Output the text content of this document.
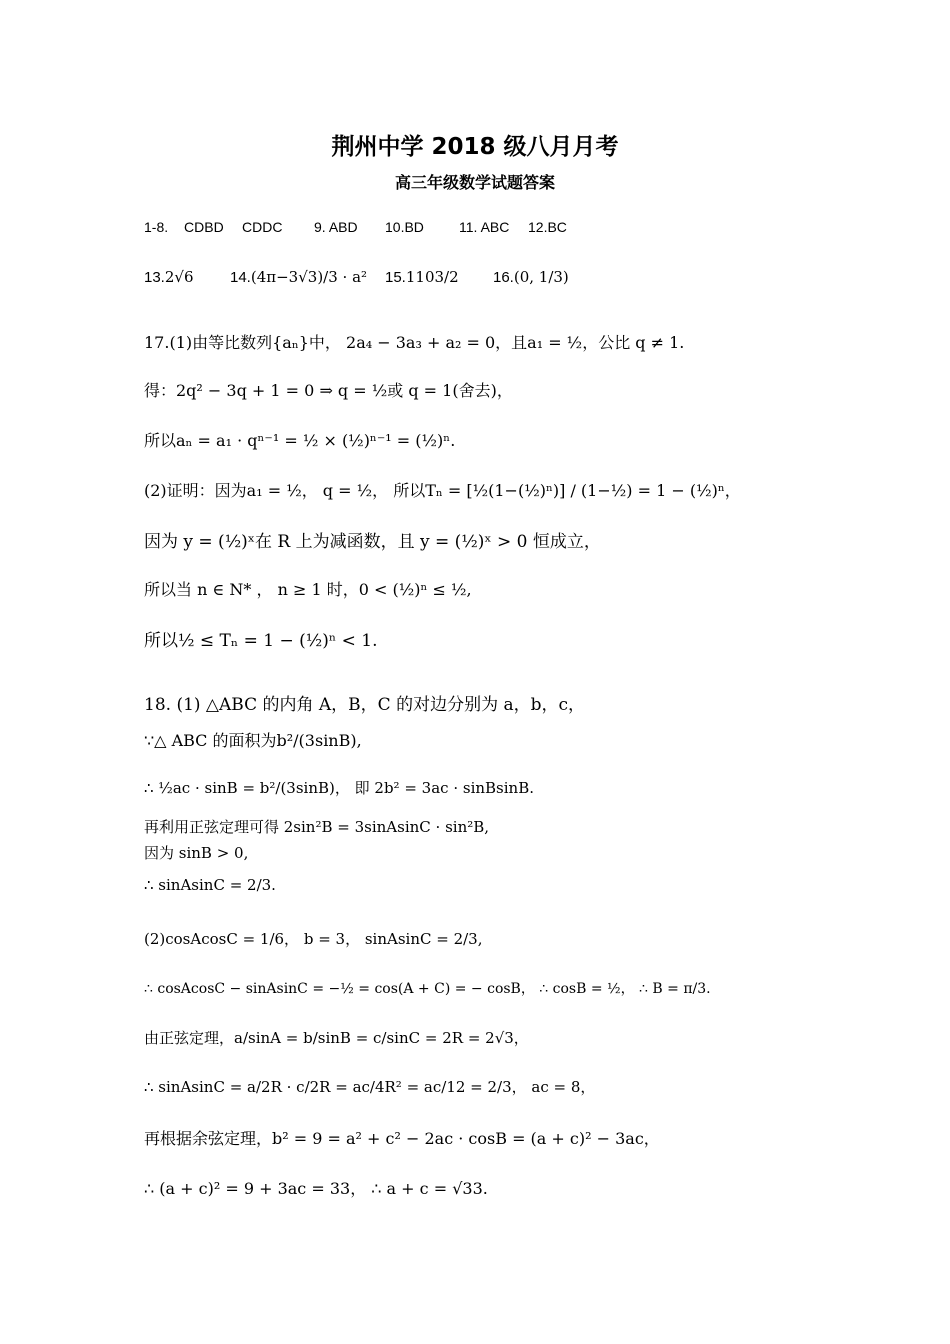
荆州中学 2018 级八月月考
高三年级数学试题答案
1-8. CDBD CDDC 9. ABD 10.BD	11. ABC 12.BC
13.2√6 14.(4π−3√3)/3 · a² 15.1103/2 16.(0, 1/3)
17.(1)由等比数列{aₙ}中， 2a₄ − 3a₃ + a₂ = 0，且a₁ = ½，公比 q ≠ 1.
得：2q² − 3q + 1 = 0 ⇒ q = ½或 q = 1(舍去)，
所以aₙ = a₁ · qⁿ⁻¹ = ½ × (½)ⁿ⁻¹ = (½)ⁿ.
(2)证明：因为a₁ = ½， q = ½， 所以Tₙ = [½(1−(½)ⁿ)] / (1−½) = 1 − (½)ⁿ，
因为 y = (½)ˣ在 R 上为减函数，且 y = (½)ˣ > 0 恒成立，
所以当 n ∈ N* ， n ≥ 1 时，0 < (½)ⁿ ≤ ½,
所以½ ≤ Tₙ = 1 − (½)ⁿ < 1.
18. (1) △ABC 的内角 A，B，C 的对边分别为 a，b，c，
∵△ ABC 的面积为b²/(3sinB),
∴ ½ac · sinB = b²/(3sinB)， 即 2b² = 3ac · sinBsinB.
再利用正弦定理可得 2sin²B = 3sinAsinC · sin²B,
因为 sinB > 0,
∴ sinAsinC = 2/3.
(2)cosAcosC = 1/6， b = 3， sinAsinC = 2/3,
∴ cosAcosC − sinAsinC = −½ = cos(A + C) = − cosB， ∴ cosB = ½， ∴ B = π/3.
由正弦定理，a/sinA = b/sinB = c/sinC = 2R = 2√3，
∴ sinAsinC = a/2R · c/2R = ac/4R² = ac/12 = 2/3， ac = 8，
再根据余弦定理，b² = 9 = a² + c² − 2ac · cosB = (a + c)² − 3ac，
∴ (a + c)² = 9 + 3ac = 33， ∴ a + c = √33.
